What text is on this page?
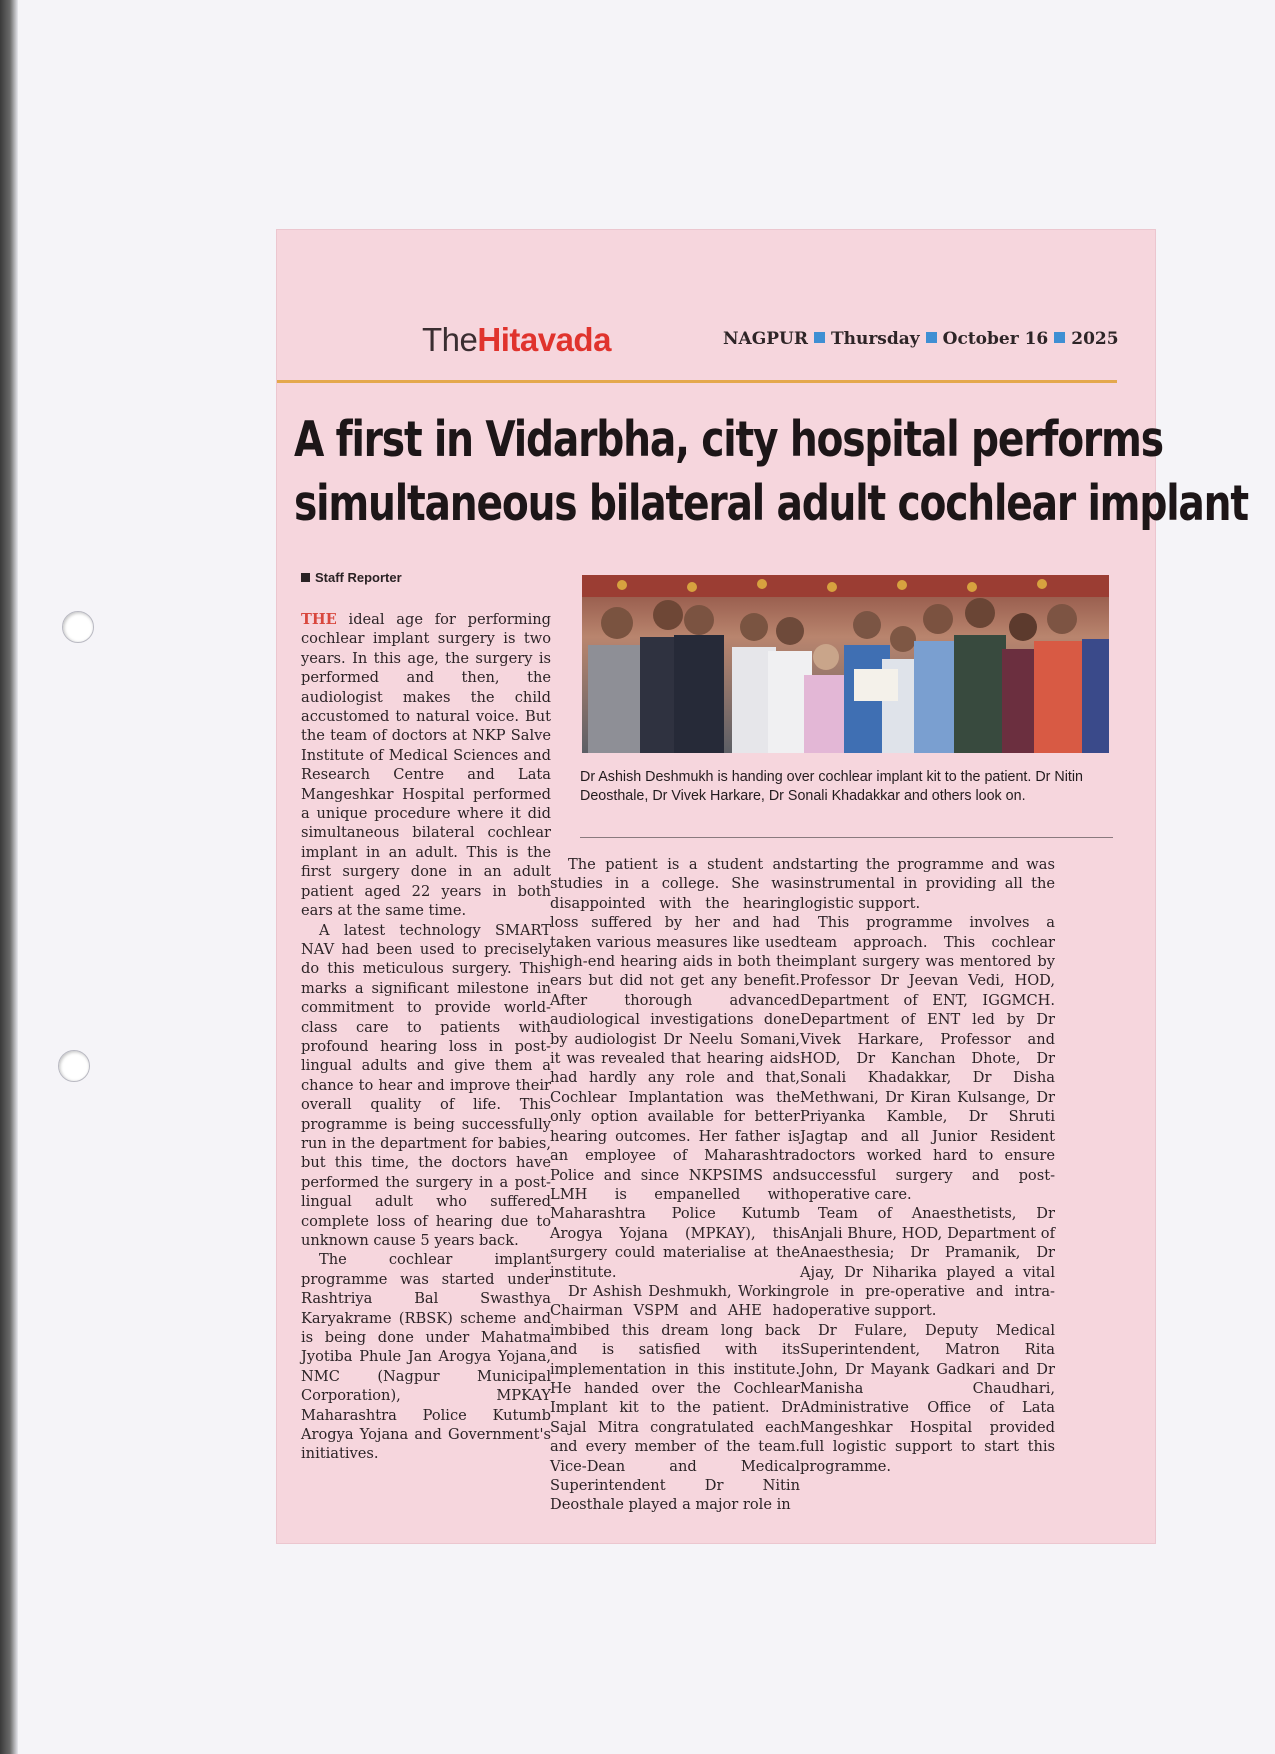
TheHitavada	NAGPUR Thursday October 16 2025
A first in Vidarbha, city hospital performs
simultaneous bilateral adult cochlear implant
Staff Reporter

THE ideal age for performing cochlear implant surgery is two years. In this age, the surgery is performed and then, the audiologist makes the child accustomed to natural voice. But the team of doctors at NKP Salve Institute of Medical Sciences and Research Centre and Lata Mangeshkar Hospital performed a unique procedure where it did simultaneous bilateral cochlear implant in an adult. This is the first surgery done in an adult patient aged 22 years in both ears at the same time.

A latest technology SMART NAV had been used to precisely do this meticulous surgery. This marks a significant milestone in commitment to provide world-class care to patients with profound hearing loss in post-lingual adults and give them a chance to hear and improve their overall quality of life. This programme is being successfully run in the department for babies, but this time, the doctors have performed the surgery in a post-lingual adult who suffered complete loss of hearing due to unknown cause 5 years back.

The cochlear implant programme was started under Rashtriya Bal Swasthya Karyakrame (RBSK) scheme and is being done under Mahatma Jyotiba Phule Jan Arogya Yojana, NMC (Nagpur Municipal Corporation), MPKAY Maharashtra Police Kutumb Arogya Yojana and Government's initiatives.

Dr Ashish Deshmukh is handing over cochlear implant kit to the patient. Dr Nitin Deosthale, Dr Vivek Harkare, Dr Sonali Khadakkar and others look on.

The patient is a student and studies in a college. She was disappointed with the hearing loss suffered by her and had taken various measures like used high-end hearing aids in both the ears but did not get any benefit. After thorough advanced audiological investigations done by audiologist Dr Neelu Somani, it was revealed that hearing aids had hardly any role and that, Cochlear Implantation was the only option available for better hearing outcomes. Her father is an employee of Maharashtra Police and since NKPSIMS and LMH is empanelled with Maharashtra Police Kutumb Arogya Yojana (MPKAY), this surgery could materialise at the institute.

Dr Ashish Deshmukh, Working Chairman VSPM and AHE had imbibed this dream long back and is satisfied with its implementation in this institute. He handed over the Cochlear Implant kit to the patient. Dr Sajal Mitra congratulated each and every member of the team. Vice-Dean and Medical Superintendent Dr Nitin Deosthale played a major role in

starting the programme and was instrumental in providing all the logistic support.

This programme involves a team approach. This cochlear implant surgery was mentored by Professor Dr Jeevan Vedi, HOD, Department of ENT, IGGMCH. Department of ENT led by Dr Vivek Harkare, Professor and HOD, Dr Kanchan Dhote, Dr Sonali Khadakkar, Dr Disha Methwani, Dr Kiran Kulsange, Dr Priyanka Kamble, Dr Shruti Jagtap and all Junior Resident doctors worked hard to ensure successful surgery and post-operative care.

Team of Anaesthetists, Dr Anjali Bhure, HOD, Department of Anaesthesia; Dr Pramanik, Dr Ajay, Dr Niharika played a vital role in pre-operative and intra-operative support.

Dr Fulare, Deputy Medical Superintendent, Matron Rita John, Dr Mayank Gadkari and Dr Manisha Chaudhari, Administrative Office of Lata Mangeshkar Hospital provided full logistic support to start this programme.
